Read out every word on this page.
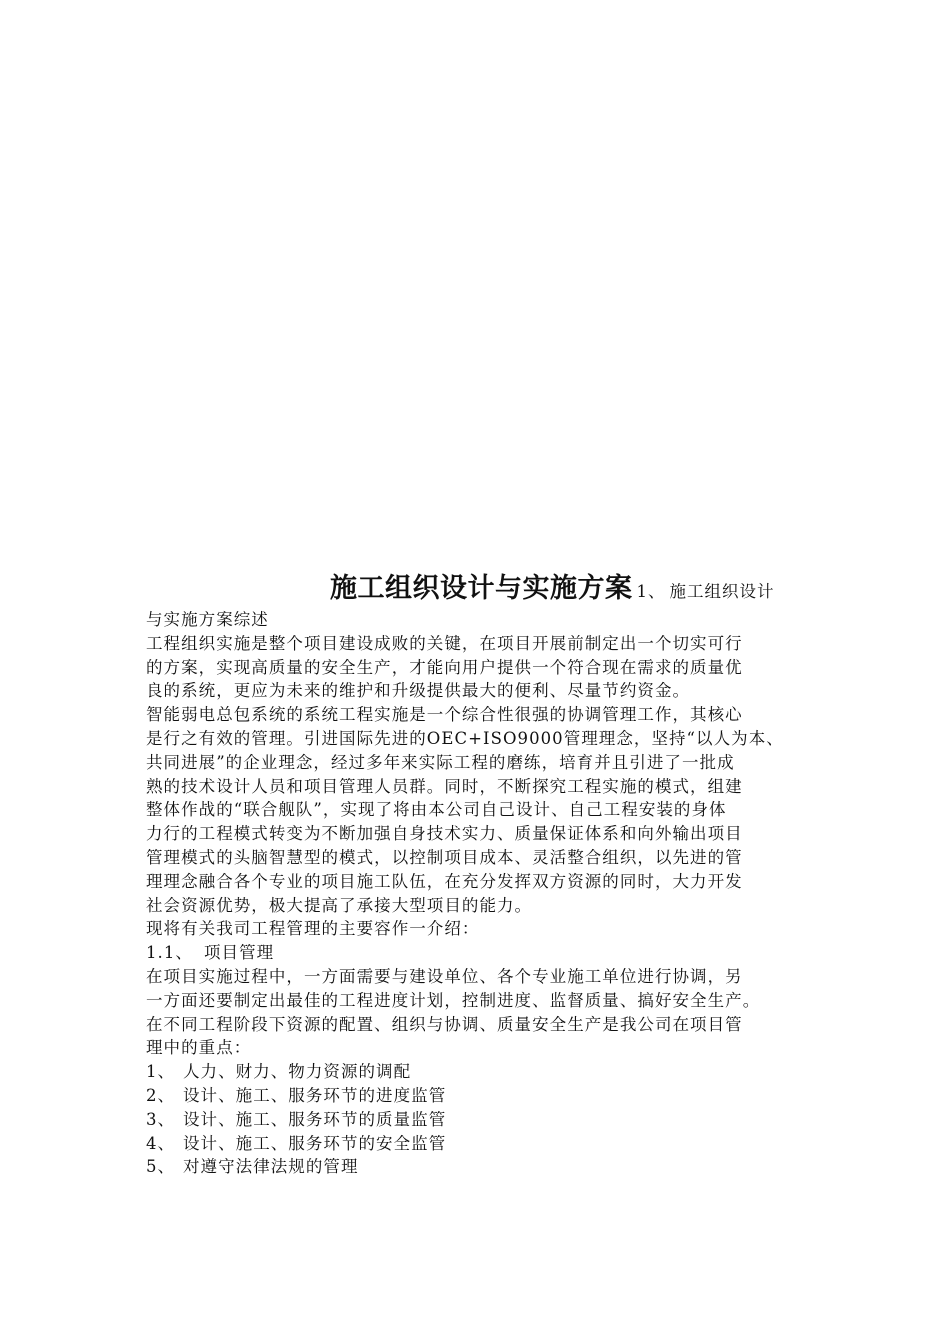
施工组织设计与实施方案 1、 施工组织设计
与实施方案综述
工程组织实施是整个项目建设成败的关键，在项目开展前制定出一个切实可行
的方案，实现高质量的安全生产，才能向用户提供一个符合现在需求的质量优
良的系统，更应为未来的维护和升级提供最大的便利、尽量节约资金。
智能弱电总包系统的系统工程实施是一个综合性很强的协调管理工作，其核心
是行之有效的管理。引进国际先进的OEC+ISO9000管理理念，坚持“以人为本、
共同进展”的企业理念，经过多年来实际工程的磨练，培育并且引进了一批成
熟的技术设计人员和项目管理人员群。同时，不断探究工程实施的模式，组建
整体作战的“联合舰队”，实现了将由本公司自己设计、自己工程安装的身体
力行的工程模式转变为不断加强自身技术实力、质量保证体系和向外输出项目
管理模式的头脑智慧型的模式，以控制项目成本、灵活整合组织，以先进的管
理理念融合各个专业的项目施工队伍，在充分发挥双方资源的同时，大力开发
社会资源优势，极大提高了承接大型项目的能力。
现将有关我司工程管理的主要容作一介绍：
1.1、 项目管理
在项目实施过程中，一方面需要与建设单位、各个专业施工单位进行协调，另
一方面还要制定出最佳的工程进度计划，控制进度、监督质量、搞好安全生产。
在不同工程阶段下资源的配置、组织与协调、质量安全生产是我公司在项目管
理中的重点：
1、 人力、财力、物力资源的调配
2、 设计、施工、服务环节的进度监管
3、 设计、施工、服务环节的质量监管
4、 设计、施工、服务环节的安全监管
5、 对遵守法律法规的管理
